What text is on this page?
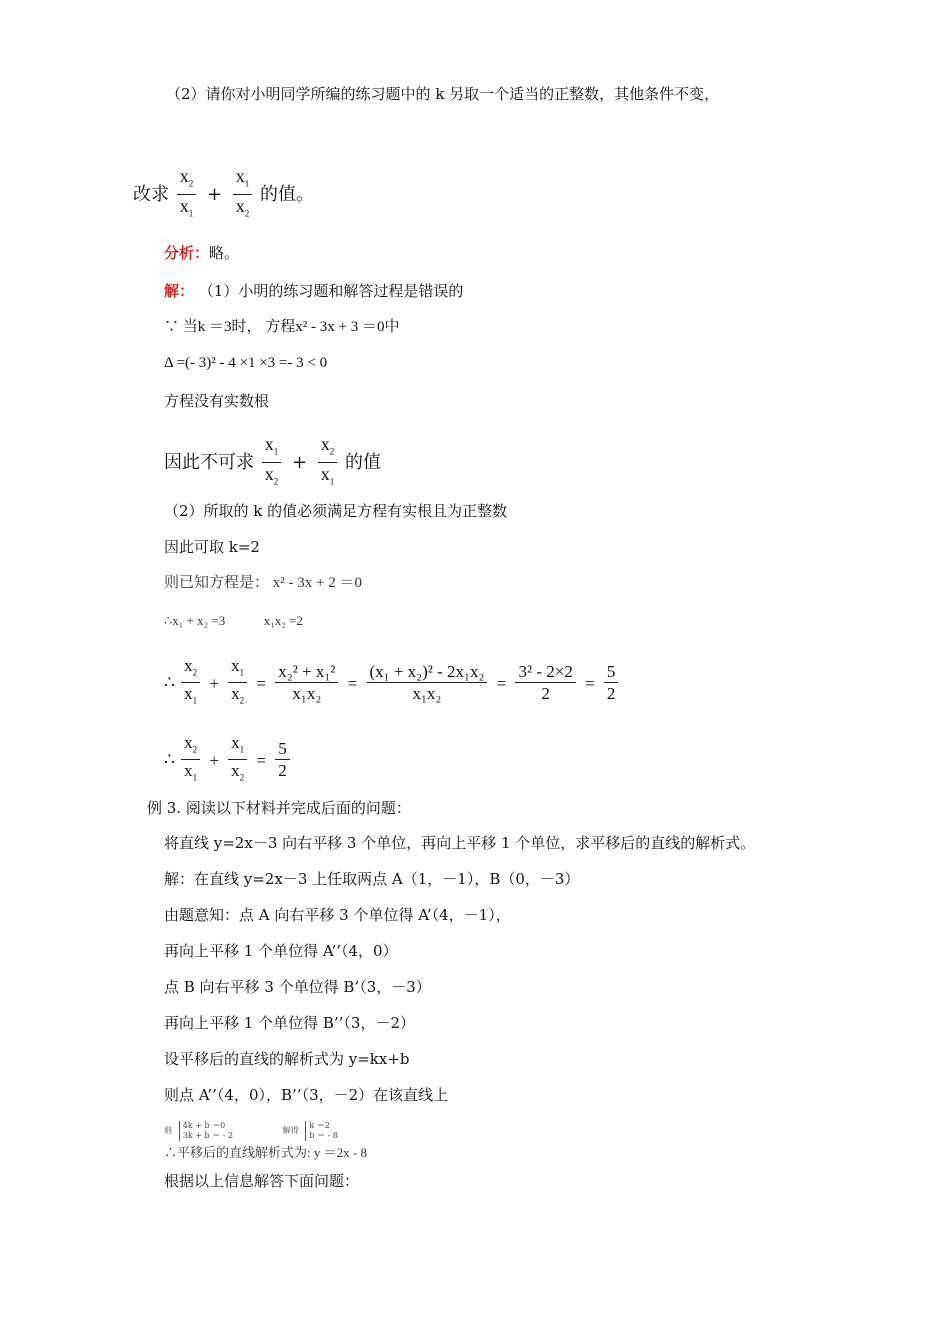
（2）请你对小明同学所编的练习题中的 k 另取一个适当的正整数，其他条件不变，
改求 $\frac{x_2}{x_1} + \frac{x_1}{x_2}$ 的值。
分析：略。
解： （1）小明的练习题和解答过程是错误的
∵ 当k ＝3时， 方程x² - 3x + 3 ＝0中
Δ =(- 3)² - 4 ×1 ×3 =- 3 < 0
方程没有实数根
因此不可求 $\frac{x_1}{x_2} + \frac{x_2}{x_1}$ 的值
（2）所取的 k 的值必须满足方程有实根且为正整数
因此可取 k=2
则已知方程是： x² - 3x + 2 ＝0
∴x₁ + x₂ =3	x₁x₂ =2
∴ $\frac{x_2}{x_1} + \frac{x_1}{x_2} = \frac{\text{x₂² + x₁²}}{\text{x₁x₂}} = \frac{\text{(x₁ + x₂)² - 2x₁x₂}}{\text{x₁x₂}} = \frac{\text{3² - 2×2}}{2} = \frac{5}{2}$
∴ $\frac{x_2}{x_1} + \frac{x_1}{x_2} = \frac{5}{2}$
例 3. 阅读以下材料并完成后面的问题：
将直线 y=2x－3 向右平移 3 个单位，再向上平移 1 个单位，求平移后的直线的解析式。
解：在直线 y=2x－3 上任取两点 A（1，－1），B（0，－3）
由题意知：点 A 向右平移 3 个单位得 A’（4，－1），
再向上平移 1 个单位得 A’’（4，0）
点 B 向右平移 3 个单位得 B’（3，－3）
再向上平移 1 个单位得 B’’（3，－2）
设平移后的直线的解析式为 y=kx+b
则点 A’’（4，0），B’’（3，－2）在该直线上
则
4k + b ＝0
3k + b ＝ - 2
解得
k ＝2
b ＝ - 8
∴平移后的直线解析式为: y ＝2x - 8
根据以上信息解答下面问题：
